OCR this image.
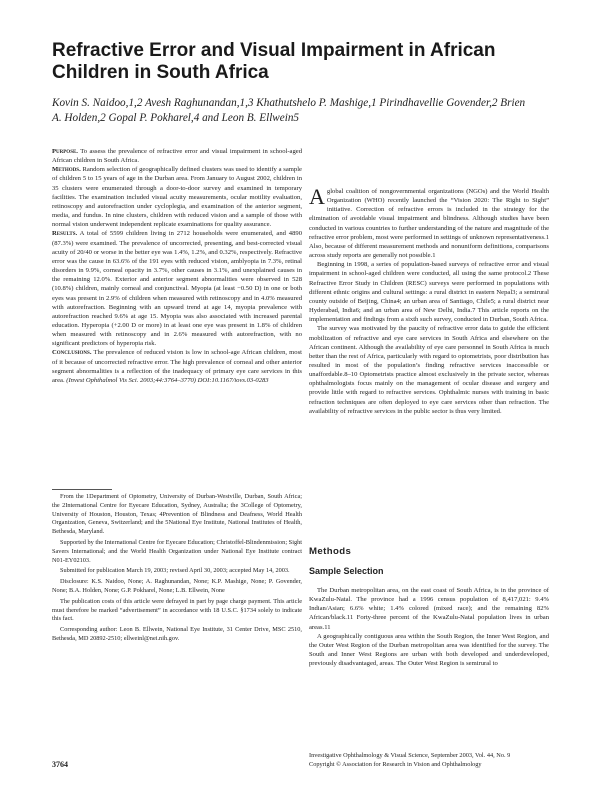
Refractive Error and Visual Impairment in African Children in South Africa
Kovin S. Naidoo,1,2 Avesh Raghunandan,1,3 Khathutshelo P. Mashige,1 Pirindhavellie Govender,2 Brien A. Holden,2 Gopal P. Pokharel,4 and Leon B. Ellwein5

Purpose. To assess the prevalence of refractive error and visual impairment in school-aged African children in South Africa.

Methods. Random selection of geographically defined clusters was used to identify a sample of children 5 to 15 years of age in the Durban area. From January to August 2002, children in 35 clusters were enumerated through a door-to-door survey and examined in temporary facilities. The examination included visual acuity measurements, ocular motility evaluation, retinoscopy and autorefraction under cycloplegia, and examination of the anterior segment, media, and fundus. In nine clusters, children with reduced vision and a sample of those with normal vision underwent independent replicate examinations for quality assurance.

Results. A total of 5599 children living in 2712 households were enumerated, and 4890 (87.3%) were examined. The prevalence of uncorrected, presenting, and best-corrected visual acuity of 20/40 or worse in the better eye was 1.4%, 1.2%, and 0.32%, respectively. Refractive error was the cause in 63.6% of the 191 eyes with reduced vision, amblyopia in 7.3%, retinal disorders in 9.9%, corneal opacity in 3.7%, other causes in 3.1%, and unexplained causes in the remaining 12.0%. Exterior and anterior segment abnormalities were observed in 528 (10.8%) children, mainly corneal and conjunctival. Myopia (at least −0.50 D) in one or both eyes was present in 2.9% of children when measured with retinoscopy and in 4.0% measured with autorefraction. Beginning with an upward trend at age 14, myopia prevalence with autorefraction reached 9.6% at age 15. Myopia was also associated with increased parental education. Hyperopia (+2.00 D or more) in at least one eye was present in 1.8% of children when measured with retinoscopy and in 2.6% measured with autorefraction, with no significant predictors of hyperopia risk.

Conclusions. The prevalence of reduced vision is low in school-age African children, most of it because of uncorrected refractive error. The high prevalence of corneal and other anterior segment abnormalities is a reflection of the inadequacy of primary eye care services in this area. (Invest Ophthalmol Vis Sci. 2003;44:3764–3770) DOI:10.1167/iovs.03-0283

Aglobal coalition of nongovernmental organizations (NGOs) and the World Health Organization (WHO) recently launched the “Vision 2020: The Right to Sight” initiative. Correction of refractive errors is included in the strategy for the elimination of avoidable visual impairment and blindness. Although studies have been conducted in various countries to further understanding of the nature and magnitude of the refractive error problem, most were performed in settings of unknown representativeness.1 Also, because of different measurement methods and nonuniform definitions, comparisons across study reports are generally not possible.1

Beginning in 1998, a series of population-based surveys of refractive error and visual impairment in school-aged children were conducted, all using the same protocol.2 These Refractive Error Study in Children (RESC) surveys were performed in populations with different ethnic origins and cultural settings: a rural district in eastern Nepal3; a semirural county outside of Beijing, China4; an urban area of Santiago, Chile5; a rural district near Hyderabad, India6; and an urban area of New Delhi, India.7 This article reports on the implementation and findings from a sixth such survey, conducted in Durban, South Africa.

The survey was motivated by the paucity of refractive error data to guide the efficient mobilization of refractive and eye care services in South Africa and elsewhere on the African continent. Although the availability of eye care personnel in South Africa is much better than the rest of Africa, particularly with regard to optometrists, poor distribution has resulted in most of the population’s finding refractive services inaccessible or unaffordable.8–10 Optometrists practice almost exclusively in the private sector, whereas ophthalmologists focus mainly on the management of ocular disease and surgery and provide little with regard to refractive services. Ophthalmic nurses with training in basic refraction techniques are often deployed to eye care services other than refraction. The availability of refractive services in the public sector is thus very limited.

Methods
Sample Selection

The Durban metropolitan area, on the east coast of South Africa, is in the province of KwaZulu-Natal. The province had a 1996 census population of 8,417,021: 9.4% Indian/Asian; 6.6% white; 1.4% colored (mixed race); and the remaining 82% African/black.11 Forty-three percent of the KwaZulu-Natal population lives in urban areas.11

A geographically contiguous area within the South Region, the Inner West Region, and the Outer West Region of the Durban metropolitan area was identified for the survey. The South and Inner West Regions are urban with both developed and underdeveloped, previously disadvantaged, areas. The Outer West Region is semirural to

From the 1Department of Optometry, University of Durban-Westville, Durban, South Africa; the 2International Centre for Eyecare Education, Sydney, Australia; the 3College of Optometry, University of Houston, Houston, Texas; 4Prevention of Blindness and Deafness, World Health Organization, Geneva, Switzerland; and the 5National Eye Institute, National Institutes of Health, Bethesda, Maryland.

Supported by the International Centre for Eyecare Education; Christoffel-Blindenmission; Sight Savers International; and the World Health Organization under National Eye Institute contract N01-EY02103.

Submitted for publication March 19, 2003; revised April 30, 2003; accepted May 14, 2003.

Disclosure: K.S. Naidoo, None; A. Raghunandan, None; K.P. Mashige, None; P. Govender, None; B.A. Holden, None; G.P. Pokharel, None; L.B. Ellwein, None

The publication costs of this article were defrayed in part by page charge payment. This article must therefore be marked “advertisement” in accordance with 18 U.S.C. §1734 solely to indicate this fact.

Corresponding author: Leon B. Ellwein, National Eye Institute, 31 Center Drive, MSC 2510, Bethesda, MD 20892-2510; ellweinl@nei.nih.gov.

3764
Investigative Ophthalmology & Visual Science, September 2003, Vol. 44, No. 9
Copyright © Association for Research in Vision and Ophthalmology
